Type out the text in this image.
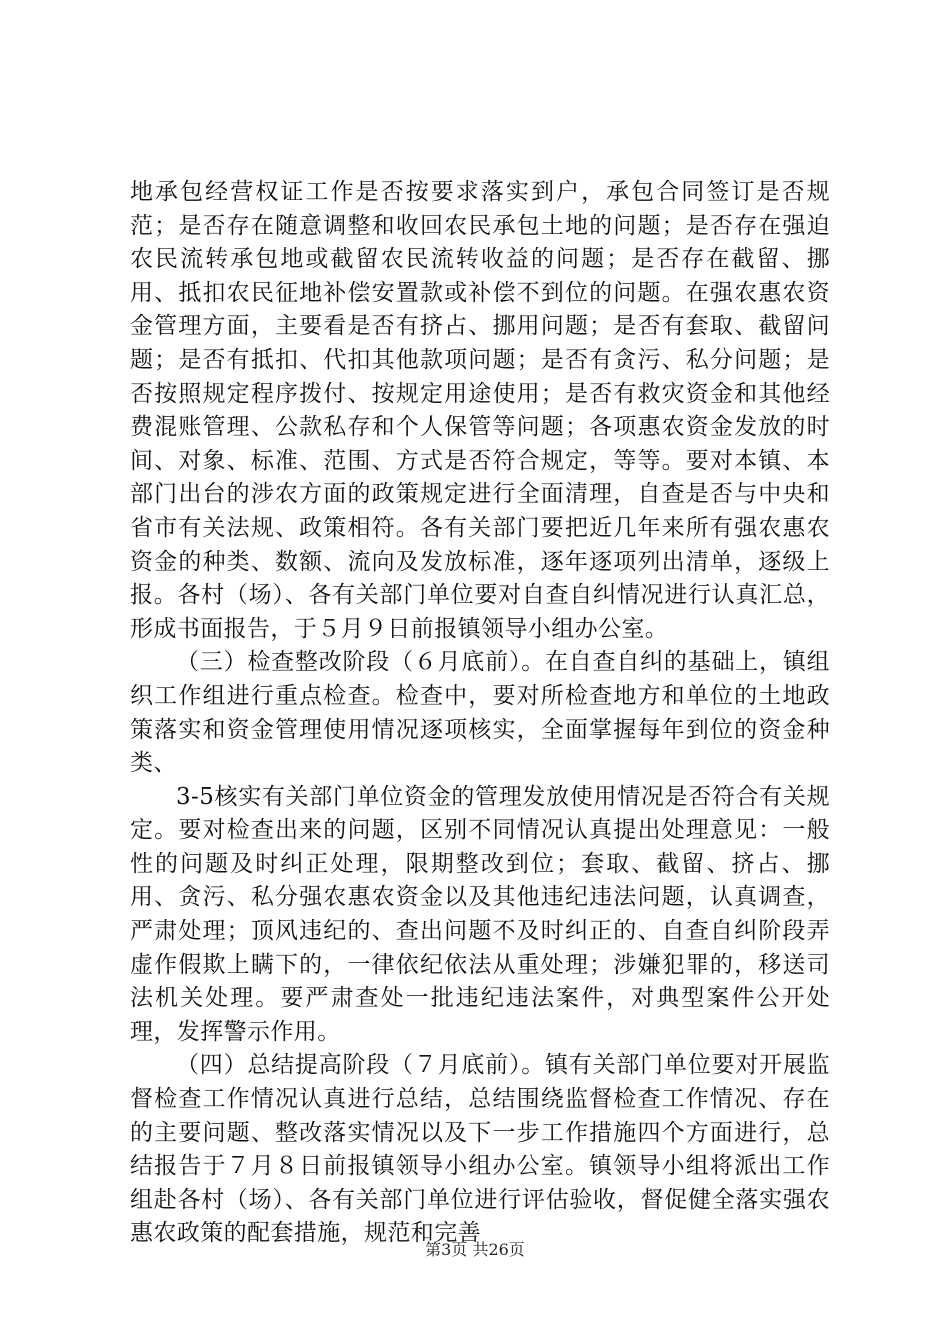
地承包经营权证工作是否按要求落实到户，承包合同签订是否规范；是否存在随意调整和收回农民承包土地的问题；是否存在强迫农民流转承包地或截留农民流转收益的问题；是否存在截留、挪用、抵扣农民征地补偿安置款或补偿不到位的问题。在强农惠农资金管理方面，主要看是否有挤占、挪用问题；是否有套取、截留问题；是否有抵扣、代扣其他款项问题；是否有贪污、私分问题；是否按照规定程序拨付、按规定用途使用；是否有救灾资金和其他经费混账管理、公款私存和个人保管等问题；各项惠农资金发放的时间、对象、标准、范围、方式是否符合规定，等等。要对本镇、本部门出台的涉农方面的政策规定进行全面清理，自查是否与中央和省市有关法规、政策相符。各有关部门要把近几年来所有强农惠农资金的种类、数额、流向及发放标准，逐年逐项列出清单，逐级上报。各村（场）、各有关部门单位要对自查自纠情况进行认真汇总，形成书面报告，于５月９日前报镇领导小组办公室。

（三）检查整改阶段（６月底前）。在自查自纠的基础上，镇组织工作组进行重点检查。检查中，要对所检查地方和单位的土地政策落实和资金管理使用情况逐项核实，全面掌握每年到位的资金种类、

3-5核实有关部门单位资金的管理发放使用情况是否符合有关规定。要对检查出来的问题，区别不同情况认真提出处理意见：一般性的问题及时纠正处理，限期整改到位；套取、截留、挤占、挪用、贪污、私分强农惠农资金以及其他违纪违法问题，认真调查，严肃处理；顶风违纪的、查出问题不及时纠正的、自查自纠阶段弄虚作假欺上瞒下的，一律依纪依法从重处理；涉嫌犯罪的，移送司法机关处理。要严肃查处一批违纪违法案件，对典型案件公开处理，发挥警示作用。

（四）总结提高阶段（７月底前）。镇有关部门单位要对开展监督检查工作情况认真进行总结，总结围绕监督检查工作情况、存在的主要问题、整改落实情况以及下一步工作措施四个方面进行，总结报告于７月８日前报镇领导小组办公室。镇领导小组将派出工作组赴各村（场）、各有关部门单位进行评估验收，督促健全落实强农惠农政策的配套措施，规范和完善

第3页 共26页
